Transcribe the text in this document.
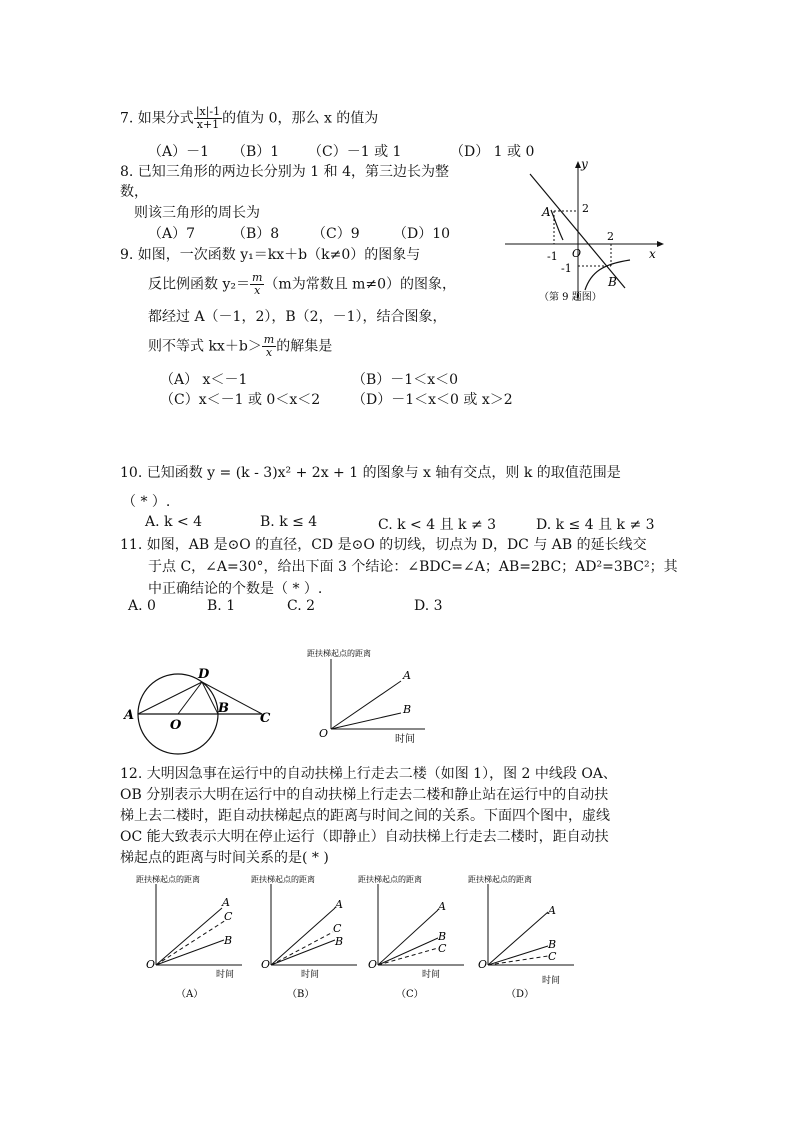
7. 如果分式 $\frac{|x|-1}{x+1}$ 的值为 0，那么 x 的值为
（A）－1 （B）1 （C）－1 或 1	（D） 1 或 0
8. 已知三角形的两边长分别为 1 和 4，第三边长为整
数，
则该三角形的周长为
（A）7	（B）8 （C）9 （D）10
y
x
A
B
O
2
2
-1
-1
（第 9 题图）
9. 如图，一次函数 y₁＝kx＋b（k≠0）的图象与
反比例函数 $y_2= \frac{m}{x} (m$为常数且 m≠0）的图象，
都经过 A（－1，2），B（2，－1），结合图象，
则不等式 $kx+b> \frac{m}{x}$ 的解集是
（A） x＜－1	（B）－1＜x＜0
（C）x＜－1 或 0＜x＜2 （D）－1＜x＜0 或 x＞2
10. 已知函数 y = (k - 3)x² + 2x + 1 的图象与 x 轴有交点，则 k 的取值范围是
（ * ）.
A. k < 4	B. k ≤ 4	C. k < 4 且 k ≠ 3	D. k ≤ 4 且 k ≠ 3
11. 如图，AB 是⊙O 的直径，CD 是⊙O 的切线，切点为 D，DC 与 AB 的延长线交
于点 C，∠A=30°，给出下面 3 个结论：∠BDC=∠A；AB=2BC；AD²=3BC²；其
中正确结论的个数是（ * ）.
A. 0	B. 1	C. 2	D. 3
A
D
B
C
O
距扶梯起点的距离
时间
O
A
B
12. 大明因急事在运行中的自动扶梯上行走去二楼（如图 1），图 2 中线段 OA、
OB 分别表示大明在运行中的自动扶梯上行走去二楼和静止站在运行中的自动扶
梯上去二楼时，距自动扶梯起点的距离与时间之间的关系。下面四个图中，虚线
OC 能大致表示大明在停止运行（即静止）自动扶梯上行走去二楼时，距自动扶
梯起点的距离与时间关系的是( * )
距扶梯起点的距离
时间
O
A
C
B
（A）
距扶梯起点的距离
时间
O
A
C
B
（B）
距扶梯起点的距离
时间
O
A
B
C
（C）
距扶梯起点的距离
时间
O
A
B
C
（D）
